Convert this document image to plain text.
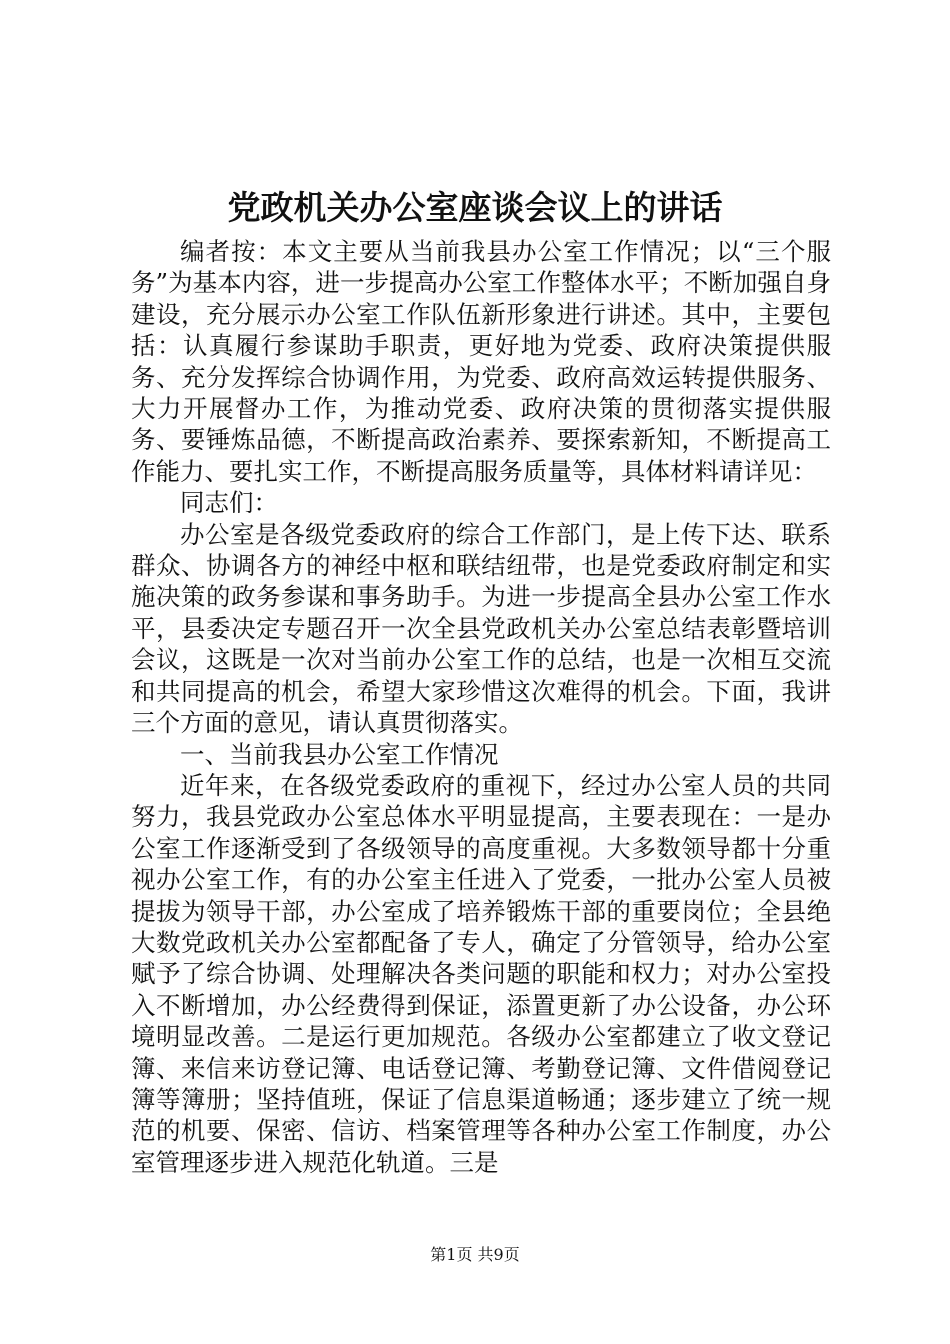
党政机关办公室座谈会议上的讲话

编者按：本文主要从当前我县办公室工作情况；以“三个服务”为基本内容，进一步提高办公室工作整体水平；不断加强自身建设，充分展示办公室工作队伍新形象进行讲述。其中，主要包括：认真履行参谋助手职责，更好地为党委、政府决策提供服务、充分发挥综合协调作用，为党委、政府高效运转提供服务、大力开展督办工作，为推动党委、政府决策的贯彻落实提供服务、要锤炼品德，不断提高政治素养、要探索新知，不断提高工作能力、要扎实工作，不断提高服务质量等，具体材料请详见：

同志们：

办公室是各级党委政府的综合工作部门，是上传下达、联系群众、协调各方的神经中枢和联结纽带，也是党委政府制定和实施决策的政务参谋和事务助手。为进一步提高全县办公室工作水平，县委决定专题召开一次全县党政机关办公室总结表彰暨培训会议，这既是一次对当前办公室工作的总结，也是一次相互交流和共同提高的机会，希望大家珍惜这次难得的机会。下面，我讲三个方面的意见，请认真贯彻落实。

一、当前我县办公室工作情况

近年来，在各级党委政府的重视下，经过办公室人员的共同努力，我县党政办公室总体水平明显提高，主要表现在：一是办公室工作逐渐受到了各级领导的高度重视。大多数领导都十分重视办公室工作，有的办公室主任进入了党委，一批办公室人员被提拔为领导干部，办公室成了培养锻炼干部的重要岗位；全县绝大数党政机关办公室都配备了专人，确定了分管领导，给办公室赋予了综合协调、处理解决各类问题的职能和权力；对办公室投入不断增加，办公经费得到保证，添置更新了办公设备，办公环境明显改善。二是运行更加规范。各级办公室都建立了收文登记簿、来信来访登记簿、电话登记簿、考勤登记簿、文件借阅登记簿等簿册；坚持值班，保证了信息渠道畅通；逐步建立了统一规范的机要、保密、信访、档案管理等各种办公室工作制度，办公室管理逐步进入规范化轨道。三是

第1页 共9页
